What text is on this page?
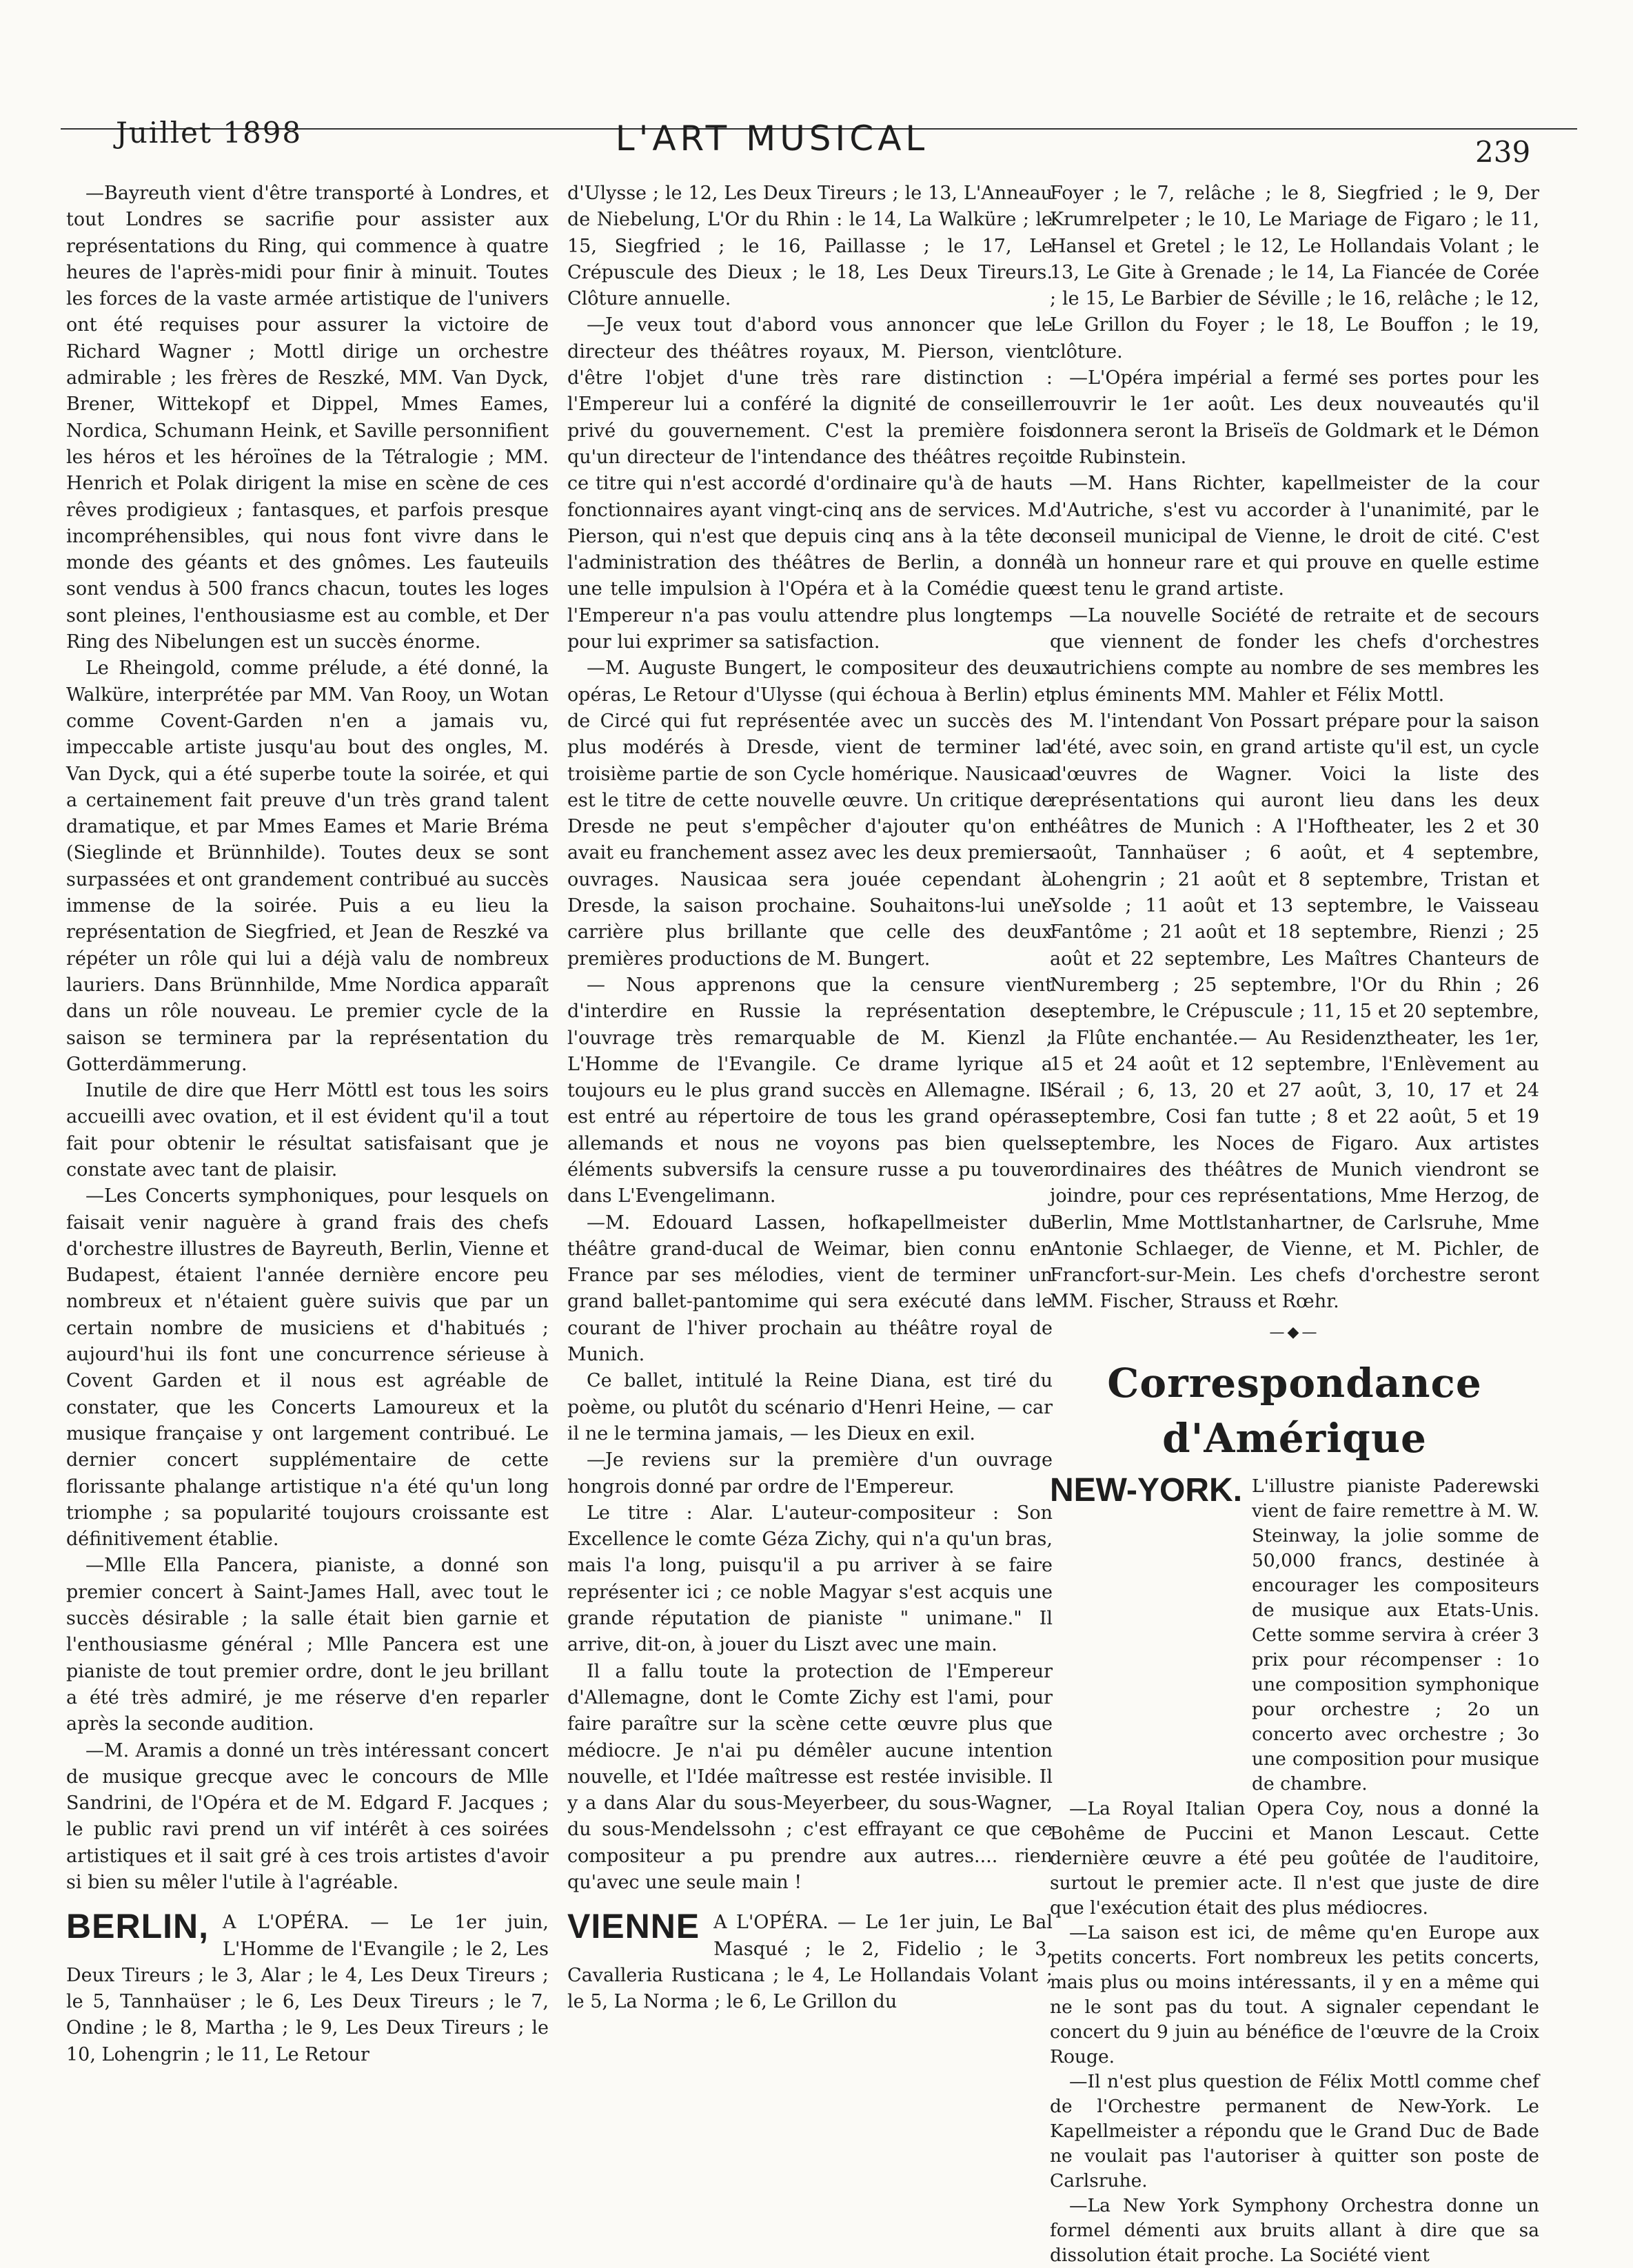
Juillet 1898	L'ART MUSICAL	239

—Bayreuth vient d'être transporté à Londres, et tout Londres se sacrifie pour assister aux représentations du Ring, qui commence à quatre heures de l'après-midi pour finir à minuit. Toutes les forces de la vaste armée artistique de l'univers ont été requises pour assurer la victoire de Richard Wagner ; Mottl dirige un orchestre admirable ; les frères de Reszké, MM. Van Dyck, Brener, Wittekopf et Dippel, Mmes Eames, Nordica, Schumann Heink, et Saville personnifient les héros et les héroïnes de la Tétralogie ; MM. Henrich et Polak dirigent la mise en scène de ces rêves prodigieux ; fantasques, et parfois presque incompréhensibles, qui nous font vivre dans le monde des géants et des gnômes. Les fauteuils sont vendus à 500 francs chacun, toutes les loges sont pleines, l'enthousiasme est au comble, et Der Ring des Nibelungen est un succès énorme.

Le Rheingold, comme prélude, a été donné, la Walküre, interprétée par MM. Van Rooy, un Wotan comme Covent-Garden n'en a jamais vu, impeccable artiste jusqu'au bout des ongles, M. Van Dyck, qui a été superbe toute la soirée, et qui a certainement fait preuve d'un très grand talent dramatique, et par Mmes Eames et Marie Bréma (Sieglinde et Brünnhilde). Toutes deux se sont surpassées et ont grandement contribué au succès immense de la soirée. Puis a eu lieu la représentation de Siegfried, et Jean de Reszké va répéter un rôle qui lui a déjà valu de nombreux lauriers. Dans Brünnhilde, Mme Nordica apparaît dans un rôle nouveau. Le premier cycle de la saison se terminera par la représentation du Gotterdämmerung.

Inutile de dire que Herr Möttl est tous les soirs accueilli avec ovation, et il est évident qu'il a tout fait pour obtenir le résultat satisfaisant que je constate avec tant de plaisir.

—Les Concerts symphoniques, pour lesquels on faisait venir naguère à grand frais des chefs d'orchestre illustres de Bayreuth, Berlin, Vienne et Budapest, étaient l'année dernière encore peu nombreux et n'étaient guère suivis que par un certain nombre de musiciens et d'habitués ; aujourd'hui ils font une concurrence sérieuse à Covent Garden et il nous est agréable de constater, que les Concerts Lamoureux et la musique française y ont largement contribué. Le dernier concert supplémentaire de cette florissante phalange artistique n'a été qu'un long triomphe ; sa popularité toujours croissante est définitivement établie.

—Mlle Ella Pancera, pianiste, a donné son premier concert à Saint-James Hall, avec tout le succès désirable ; la salle était bien garnie et l'enthousiasme général ; Mlle Pancera est une pianiste de tout premier ordre, dont le jeu brillant a été très admiré, je me réserve d'en reparler après la seconde audition.

—M. Aramis a donné un très intéressant concert de musique grecque avec le concours de Mlle Sandrini, de l'Opéra et de M. Edgard F. Jacques ; le public ravi prend un vif intérêt à ces soirées artistiques et il sait gré à ces trois artistes d'avoir si bien su mêler l'utile à l'agréable.

BERLIN, A L'OPÉRA. — Le 1er juin, L'Homme de l'Evangile ; le 2, Les Deux Tireurs ; le 3, Alar ; le 4, Les Deux Tireurs ; le 5, Tannhaüser ; le 6, Les Deux Tireurs ; le 7, Ondine ; le 8, Martha ; le 9, Les Deux Tireurs ; le 10, Lohengrin ; le 11, Le Retour

d'Ulysse ; le 12, Les Deux Tireurs ; le 13, L'Anneau de Niebelung, L'Or du Rhin : le 14, La Walküre ; le 15, Siegfried ; le 16, Paillasse ; le 17, Le Crépuscule des Dieux ; le 18, Les Deux Tireurs. Clôture annuelle.

—Je veux tout d'abord vous annoncer que le directeur des théâtres royaux, M. Pierson, vient d'être l'objet d'une très rare distinction : l'Empereur lui a conféré la dignité de conseiller privé du gouvernement. C'est la première fois qu'un directeur de l'intendance des théâtres reçoit ce titre qui n'est accordé d'ordinaire qu'à de hauts fonctionnaires ayant vingt-cinq ans de services. M. Pierson, qui n'est que depuis cinq ans à la tête de l'administration des théâtres de Berlin, a donné une telle impulsion à l'Opéra et à la Comédie que l'Empereur n'a pas voulu attendre plus longtemps pour lui exprimer sa satisfaction.

—M. Auguste Bungert, le compositeur des deux opéras, Le Retour d'Ulysse (qui échoua à Berlin) et de Circé qui fut représentée avec un succès des plus modérés à Dresde, vient de terminer la troisième partie de son Cycle homérique. Nausicaa est le titre de cette nouvelle œuvre. Un critique de Dresde ne peut s'empêcher d'ajouter qu'on en avait eu franchement assez avec les deux premiers ouvrages. Nausicaa sera jouée cependant à Dresde, la saison prochaine. Souhaitons-lui une carrière plus brillante que celle des deux premières productions de M. Bungert.

— Nous apprenons que la censure vient d'interdire en Russie la représentation de l'ouvrage très remarquable de M. Kienzl ; L'Homme de l'Evangile. Ce drame lyrique a toujours eu le plus grand succès en Allemagne. Il est entré au répertoire de tous les grand opéras allemands et nous ne voyons pas bien quels éléments subversifs la censure russe a pu touver dans L'Evengelimann.

—M. Edouard Lassen, hofkapellmeister du théâtre grand-ducal de Weimar, bien connu en France par ses mélodies, vient de terminer un grand ballet-pantomime qui sera exécuté dans le courant de l'hiver prochain au théâtre royal de Munich.

Ce ballet, intitulé la Reine Diana, est tiré du poème, ou plutôt du scénario d'Henri Heine, — car il ne le termina jamais, — les Dieux en exil.

—Je reviens sur la première d'un ouvrage hongrois donné par ordre de l'Empereur.

Le titre : Alar. L'auteur-compositeur : Son Excellence le comte Géza Zichy, qui n'a qu'un bras, mais l'a long, puisqu'il a pu arriver à se faire représenter ici ; ce noble Magyar s'est acquis une grande réputation de pianiste " unimane." Il arrive, dit-on, à jouer du Liszt avec une main.

Il a fallu toute la protection de l'Empereur d'Allemagne, dont le Comte Zichy est l'ami, pour faire paraître sur la scène cette œuvre plus que médiocre. Je n'ai pu démêler aucune intention nouvelle, et l'Idée maîtresse est restée invisible. Il y a dans Alar du sous-Meyerbeer, du sous-Wagner, du sous-Mendelssohn ; c'est effrayant ce que ce compositeur a pu prendre aux autres.... rien qu'avec une seule main !

VIENNE A L'OPÉRA. — Le 1er juin, Le Bal Masqué ; le 2, Fidelio ; le 3, Cavalleria Rusticana ; le 4, Le Hollandais Volant ; le 5, La Norma ; le 6, Le Grillon du

Foyer ; le 7, relâche ; le 8, Siegfried ; le 9, Der Krumrelpeter ; le 10, Le Mariage de Figaro ; le 11, Hansel et Gretel ; le 12, Le Hollandais Volant ; le 13, Le Gite à Grenade ; le 14, La Fiancée de Corée ; le 15, Le Barbier de Séville ; le 16, relâche ; le 12, Le Grillon du Foyer ; le 18, Le Bouffon ; le 19, clôture.

—L'Opéra impérial a fermé ses portes pour les rouvrir le 1er août. Les deux nouveautés qu'il donnera seront la Briseïs de Goldmark et le Démon de Rubinstein.

—M. Hans Richter, kapellmeister de la cour d'Autriche, s'est vu accorder à l'unanimité, par le conseil municipal de Vienne, le droit de cité. C'est là un honneur rare et qui prouve en quelle estime est tenu le grand artiste.

—La nouvelle Société de retraite et de secours que viennent de fonder les chefs d'orchestres autrichiens compte au nombre de ses membres les plus éminents MM. Mahler et Félix Mottl.

M. l'intendant Von Possart prépare pour la saison d'été, avec soin, en grand artiste qu'il est, un cycle d'œuvres de Wagner. Voici la liste des représentations qui auront lieu dans les deux théâtres de Munich : A l'Hoftheater, les 2 et 30 août, Tannhaüser ; 6 août, et 4 septembre, Lohengrin ; 21 août et 8 septembre, Tristan et Ysolde ; 11 août et 13 septembre, le Vaisseau Fantôme ; 21 août et 18 septembre, Rienzi ; 25 août et 22 septembre, Les Maîtres Chanteurs de Nuremberg ; 25 septembre, l'Or du Rhin ; 26 septembre, le Crépuscule ; 11, 15 et 20 septembre, la Flûte enchantée.— Au Residenztheater, les 1er, 15 et 24 août et 12 septembre, l'Enlèvement au Sérail ; 6, 13, 20 et 27 août, 3, 10, 17 et 24 septembre, Cosi fan tutte ; 8 et 22 août, 5 et 19 septembre, les Noces de Figaro. Aux artistes ordinaires des théâtres de Munich viendront se joindre, pour ces représentations, Mme Herzog, de Berlin, Mme Mottlstanhartner, de Carlsruhe, Mme Antonie Schlaeger, de Vienne, et M. Pichler, de Francfort-sur-Mein. Les chefs d'orchestre seront MM. Fischer, Strauss et Rœhr.

—◆—
Correspondance d'Amérique
NEW-YORK. L'illustre pianiste Paderewski vient de faire remettre à M. W. Steinway, la jolie somme de 50,000 francs, destinée à encourager les compositeurs de musique aux Etats-Unis. Cette somme servira à créer 3 prix pour récompenser : 1o une composition symphonique pour orchestre ; 2o un concerto avec orchestre ; 3o une composition pour musique de chambre.

—La Royal Italian Opera Coy, nous a donné la Bohême de Puccini et Manon Lescaut. Cette dernière œuvre a été peu goûtée de l'auditoire, surtout le premier acte. Il n'est que juste de dire que l'exécution était des plus médiocres.

—La saison est ici, de même qu'en Europe aux petits concerts. Fort nombreux les petits concerts, mais plus ou moins intéressants, il y en a même qui ne le sont pas du tout. A signaler cependant le concert du 9 juin au bénéfice de l'œuvre de la Croix Rouge.

—Il n'est plus question de Félix Mottl comme chef de l'Orchestre permanent de New-York. Le Kapellmeister a répondu que le Grand Duc de Bade ne voulait pas l'autoriser à quitter son poste de Carlsruhe.

—La New York Symphony Orchestra donne un formel démenti aux bruits allant à dire que sa dissolution était proche. La Société vient
